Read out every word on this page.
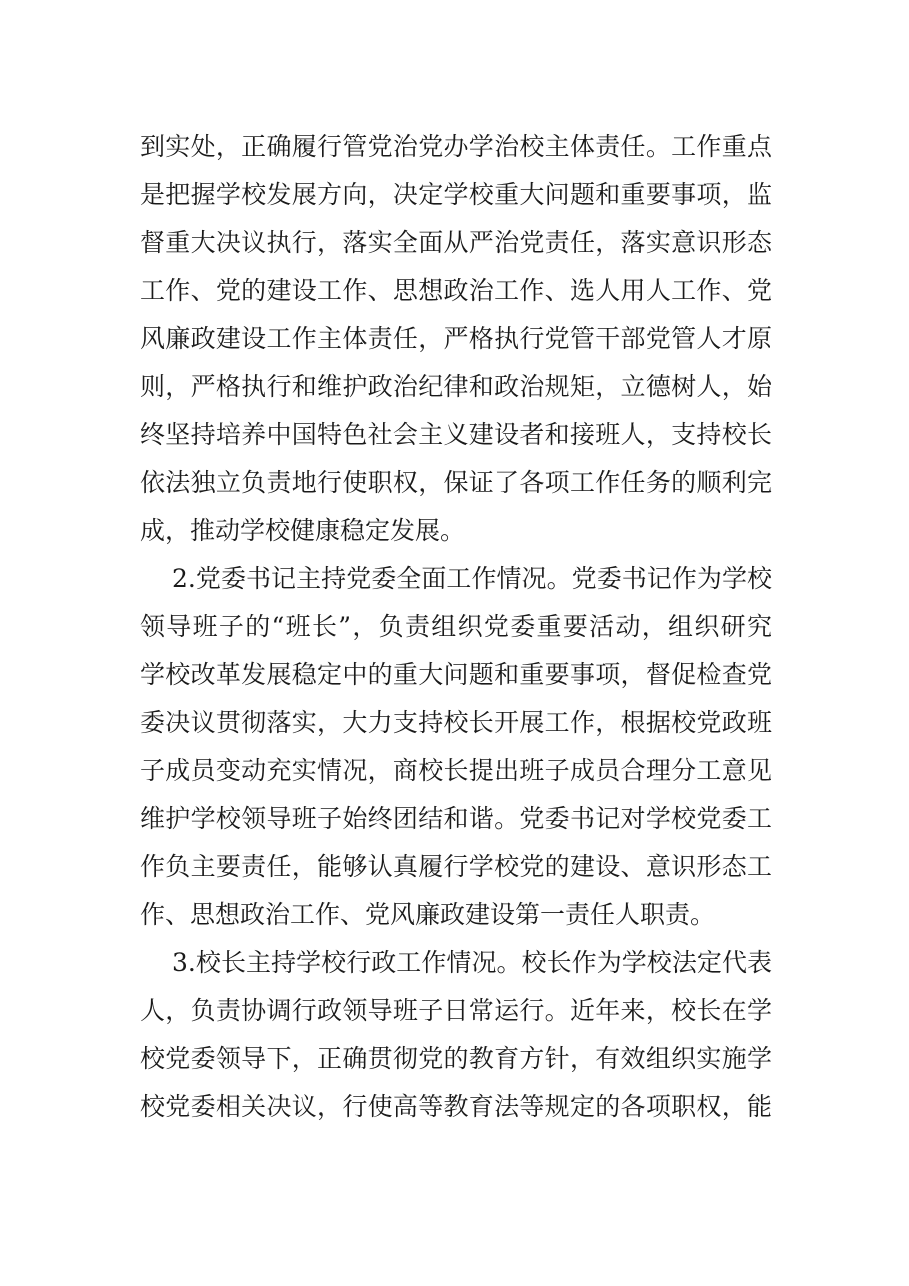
到实处，正确履行管党治党办学治校主体责任。工作重点
是把握学校发展方向，决定学校重大问题和重要事项，监
督重大决议执行，落实全面从严治党责任，落实意识形态
工作、党的建设工作、思想政治工作、选人用人工作、党
风廉政建设工作主体责任，严格执行党管干部党管人才原
则，严格执行和维护政治纪律和政治规矩，立德树人，始
终坚持培养中国特色社会主义建设者和接班人，支持校长
依法独立负责地行使职权，保证了各项工作任务的顺利完
成，推动学校健康稳定发展。
2.党委书记主持党委全面工作情况。党委书记作为学校
领导班子的“班长”，负责组织党委重要活动，组织研究
学校改革发展稳定中的重大问题和重要事项，督促检查党
委决议贯彻落实，大力支持校长开展工作，根据校党政班
子成员变动充实情况，商校长提出班子成员合理分工意见
维护学校领导班子始终团结和谐。党委书记对学校党委工
作负主要责任，能够认真履行学校党的建设、意识形态工
作、思想政治工作、党风廉政建设第一责任人职责。
3.校长主持学校行政工作情况。校长作为学校法定代表
人，负责协调行政领导班子日常运行。近年来，校长在学
校党委领导下，正确贯彻党的教育方针，有效组织实施学
校党委相关决议，行使高等教育法等规定的各项职权，能
